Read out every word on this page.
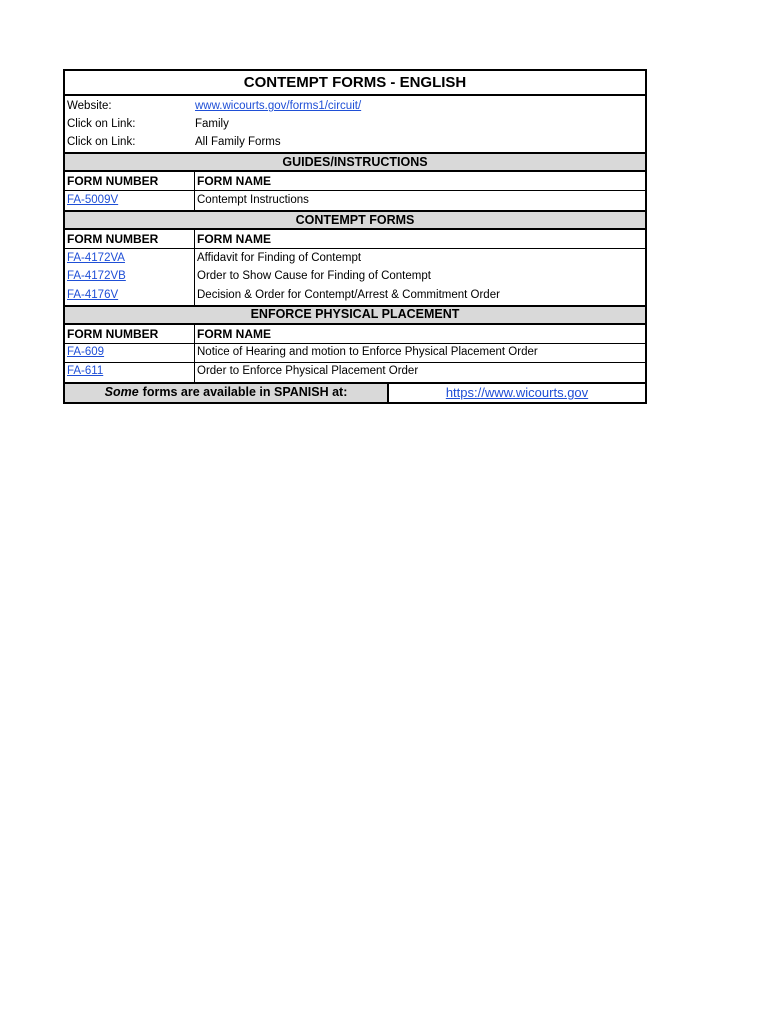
CONTEMPT FORMS - ENGLISH
Website:	www.wicourts.gov/forms1/circuit/
Click on Link:	Family
Click on Link:	All Family Forms
GUIDES/INSTRUCTIONS
FORM NUMBER	FORM NAME
FA-5009V	Contempt Instructions
CONTEMPT FORMS
FORM NUMBER	FORM NAME
FA-4172VA	Affidavit for Finding of Contempt
FA-4172VB	Order to Show Cause for Finding of Contempt
FA-4176V	Decision & Order for Contempt/Arrest & Commitment Order
ENFORCE PHYSICAL PLACEMENT
FORM NUMBER	FORM NAME
FA-609	Notice of Hearing and motion to Enforce Physical Placement Order
FA-611	Order to Enforce Physical Placement Order
Some forms are available in SPANISH at:	https://www.wicourts.gov
